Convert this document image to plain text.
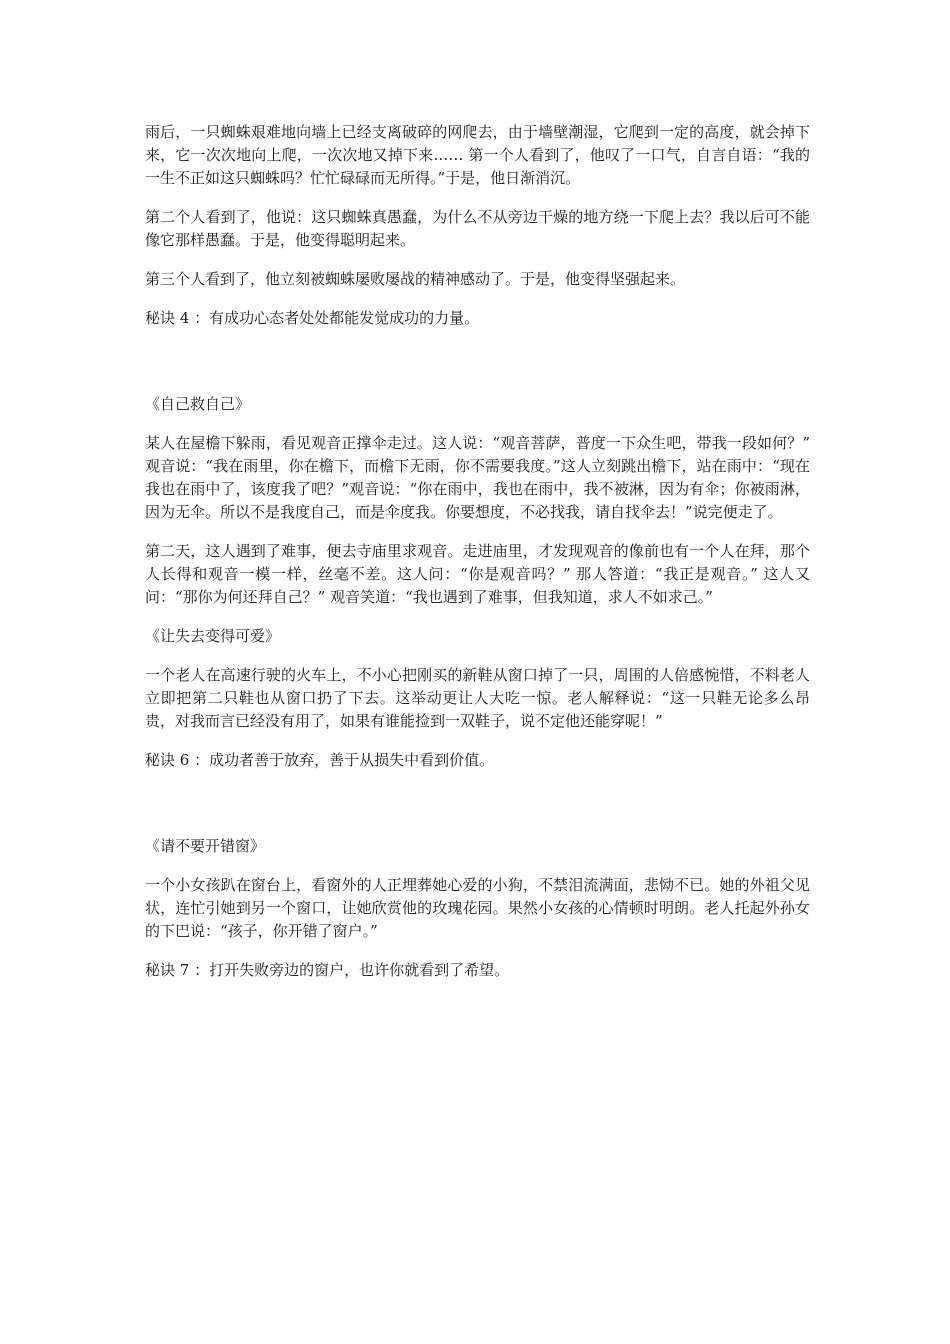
雨后，一只蜘蛛艰难地向墙上已经支离破碎的网爬去，由于墙壁潮湿，它爬到一定的高度，就会掉下来，它一次次地向上爬，一次次地又掉下来…… 第一个人看到了，他叹了一口气，自言自语：“我的一生不正如这只蜘蛛吗？忙忙碌碌而无所得。”于是，他日渐消沉。

第二个人看到了，他说：这只蜘蛛真愚蠢，为什么不从旁边干燥的地方绕一下爬上去？我以后可不能像它那样愚蠢。于是，他变得聪明起来。

第三个人看到了，他立刻被蜘蛛屡败屡战的精神感动了。于是，他变得坚强起来。

秘诀 4 ：有成功心态者处处都能发觉成功的力量。

《自己救自己》

某人在屋檐下躲雨，看见观音正撑伞走过。这人说：“观音菩萨，普度一下众生吧，带我一段如何？” 观音说：“我在雨里，你在檐下，而檐下无雨，你不需要我度。”这人立刻跳出檐下，站在雨中：“现在我也在雨中了，该度我了吧？”观音说：“你在雨中，我也在雨中，我不被淋，因为有伞；你被雨淋，因为无伞。所以不是我度自己，而是伞度我。你要想度，不必找我，请自找伞去！”说完便走了。

第二天，这人遇到了难事，便去寺庙里求观音。走进庙里，才发现观音的像前也有一个人在拜，那个人长得和观音一模一样，丝毫不差。这人问：“你是观音吗？” 那人答道：“我正是观音。” 这人又问：“那你为何还拜自己？” 观音笑道：“我也遇到了难事，但我知道，求人不如求己。”

《让失去变得可爱》

一个老人在高速行驶的火车上，不小心把刚买的新鞋从窗口掉了一只，周围的人倍感惋惜，不料老人立即把第二只鞋也从窗口扔了下去。这举动更让人大吃一惊。老人解释说：“这一只鞋无论多么昂贵，对我而言已经没有用了，如果有谁能捡到一双鞋子，说不定他还能穿呢！”

秘诀 6 ：成功者善于放弃，善于从损失中看到价值。

《请不要开错窗》

一个小女孩趴在窗台上，看窗外的人正埋葬她心爱的小狗，不禁泪流满面，悲恸不已。她的外祖父见状，连忙引她到另一个窗口，让她欣赏他的玫瑰花园。果然小女孩的心情顿时明朗。老人托起外孙女的下巴说：“孩子，你开错了窗户。”

秘诀 7 ：打开失败旁边的窗户，也许你就看到了希望。
